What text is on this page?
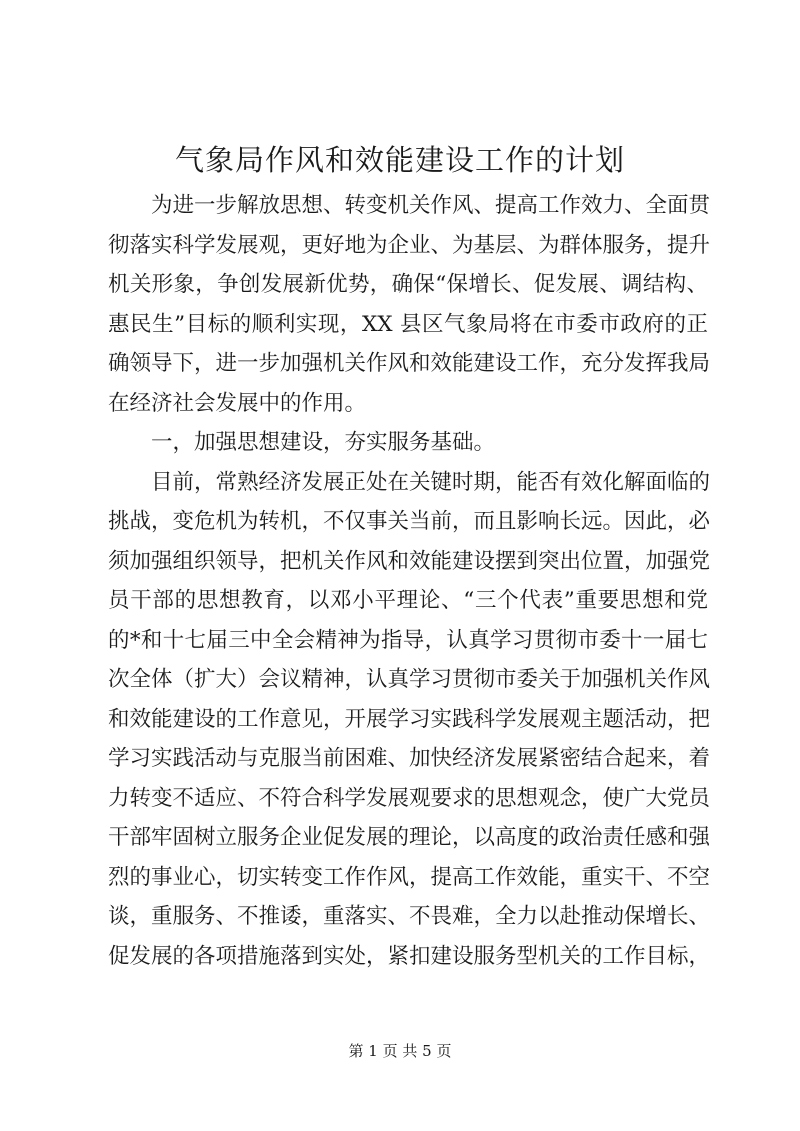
气象局作风和效能建设工作的计划
为进一步解放思想、转变机关作风、提高工作效力、全面贯
彻落实科学发展观，更好地为企业、为基层、为群体服务，提升
机关形象，争创发展新优势，确保“保增长、促发展、调结构、
惠民生”目标的顺利实现，XX 县区气象局将在市委市政府的正
确领导下，进一步加强机关作风和效能建设工作，充分发挥我局
在经济社会发展中的作用。
一，加强思想建设，夯实服务基础。
目前，常熟经济发展正处在关键时期，能否有效化解面临的
挑战，变危机为转机，不仅事关当前，而且影响长远。因此，必
须加强组织领导，把机关作风和效能建设摆到突出位置，加强党
员干部的思想教育，以邓小平理论、“三个代表”重要思想和党
的*和十七届三中全会精神为指导，认真学习贯彻市委十一届七
次全体（扩大）会议精神，认真学习贯彻市委关于加强机关作风
和效能建设的工作意见，开展学习实践科学发展观主题活动，把
学习实践活动与克服当前困难、加快经济发展紧密结合起来，着
力转变不适应、不符合科学发展观要求的思想观念，使广大党员
干部牢固树立服务企业促发展的理论，以高度的政治责任感和强
烈的事业心，切实转变工作作风，提高工作效能，重实干、不空
谈，重服务、不推诿，重落实、不畏难，全力以赴推动保增长、
促发展的各项措施落到实处，紧扣建设服务型机关的工作目标，
第 1 页 共 5 页
